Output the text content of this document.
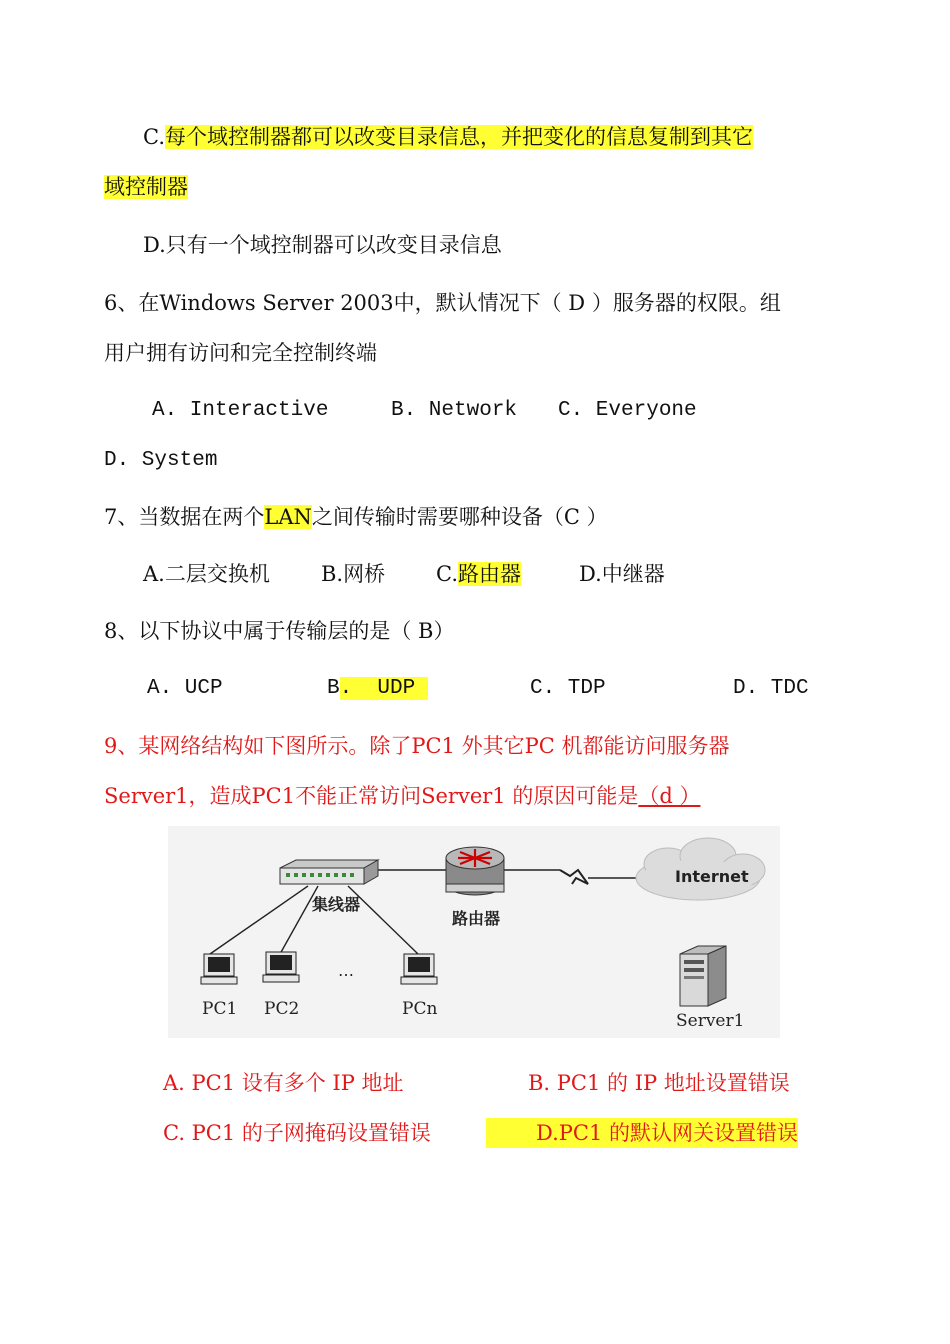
C.每个域控制器都可以改变目录信息，并把变化的信息复制到其它
域控制器
D.只有一个域控制器可以改变目录信息
6、在Windows Server 2003中，默认情况下（ D ）服务器的权限。组
用户拥有访问和完全控制终端
A. Interactive	B. Network C. Everyone
D. System
7、当数据在两个LAN之间传输时需要哪种设备（C ）
A.二层交换机 B.网桥 C.路由器	D.中继器
8、以下协议中属于传输层的是（ B）
A. UCP	B.  UDP	C. TDP	D. TDC
9、某网络结构如下图所示。除了PC1 外其它PC 机都能访问服务器
Server1，造成PC1不能正常访问Server1 的原因可能是（d ）
集线器
路由器
Internet
Server1
PC1 PC2
…
PCn
A. PC1 设有多个 IP 地址	B. PC1 的 IP 地址设置错误
C. PC1 的子网掩码设置错误	D.PC1 的默认网关设置错误
